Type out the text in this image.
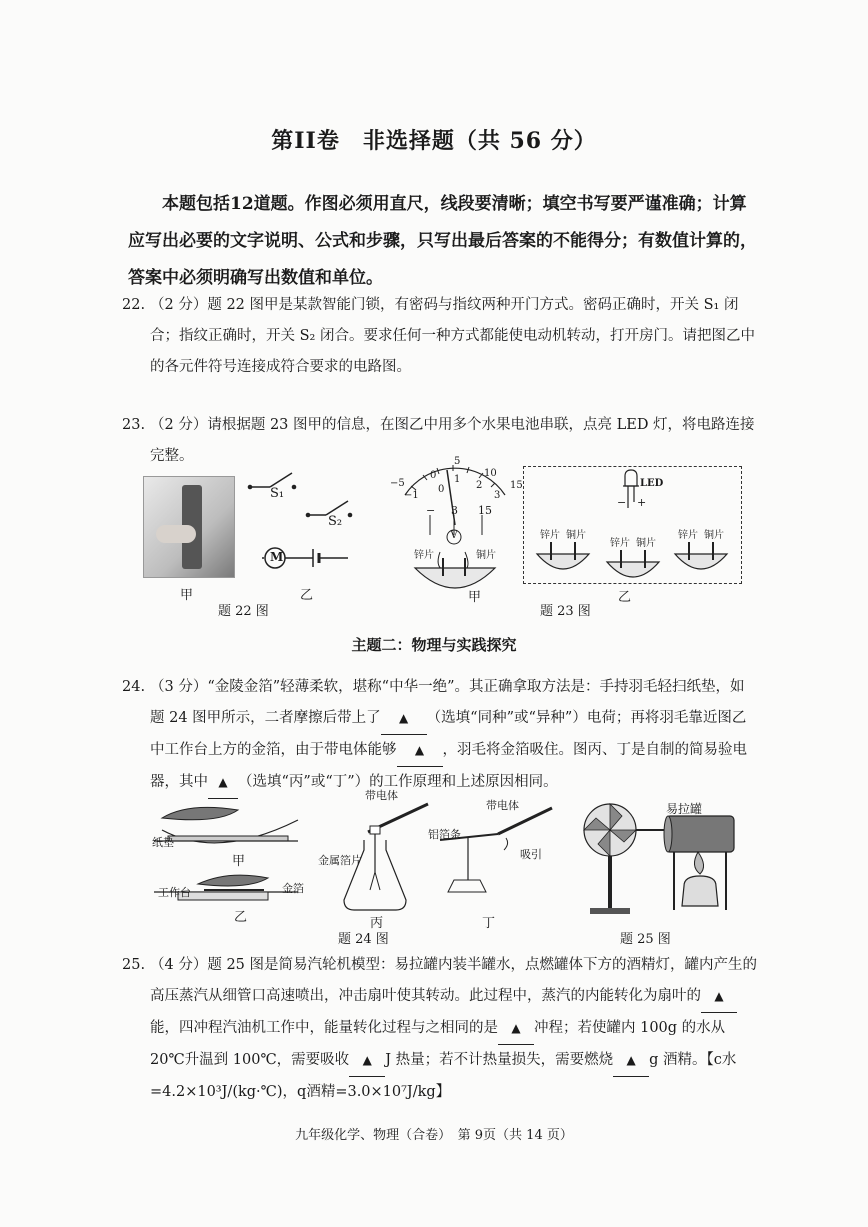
第II卷　非选择题（共 56 分）

本题包括12道题。作图必须用直尺，线段要清晰；填空书写要严谨准确；计算应写出必要的文字说明、公式和步骤，只写出最后答案的不能得分；有数值计算的，答案中必须明确写出数值和单位。

22. （2 分）题 22 图甲是某款智能门锁，有密码与指纹两种开门方式。密码正确时，开关 S₁ 闭合；指纹正确时，开关 S₂ 闭合。要求任何一种方式都能使电动机转动，打开房门。请把图乙中的各元件符号连接成符合要求的电路图。

23. （2 分）请根据题 23 图甲的信息，在图乙中用多个水果电池串联，点亮 LED 灯，将电路连接完整。

S₁
S₂
M
甲	乙
题 22 图
0
5
10
15
−5
−1
0
1
2
3
− 3 15
V
锌片	铜片
甲
题 23 图
LED
− +
锌片 铜片
锌片 铜片
锌片 铜片
乙
主题二：物理与实践探究
24. （3 分）“金陵金箔”轻薄柔软，堪称“中华一绝”。其正确拿取方法是：手持羽毛轻扫纸垫，如题 24 图甲所示，二者摩擦后带上了 ▲ （选填“同种”或“异种”）电荷；再将羽毛靠近图乙中工作台上方的金箔，由于带电体能够 ▲ ，羽毛将金箔吸住。图丙、丁是自制的简易验电器，其中 ▲ （选填“丙”或“丁”）的工作原理和上述原因相同。

纸垫
甲
工作台	金箔
乙
带电体
金属箔片
丙
带电体
铝箔条
吸引
丁
题 24 图
易拉罐
题 25 图
25. （4 分）题 25 图是简易汽轮机模型：易拉罐内装半罐水，点燃罐体下方的酒精灯，罐内产生的高压蒸汽从细管口高速喷出，冲击扇叶使其转动。此过程中，蒸汽的内能转化为扇叶的 ▲能，四冲程汽油机工作中，能量转化过程与之相同的是 ▲ 冲程；若使罐内 100g 的水从 20℃升温到 100℃，需要吸收 ▲ J 热量；若不计热量损失，需要燃烧 ▲ g 酒精。【c水=4.2×10³J/(kg·℃)，q酒精=3.0×10⁷J/kg】

九年级化学、物理（合卷）　第 9页（共 14 页）
